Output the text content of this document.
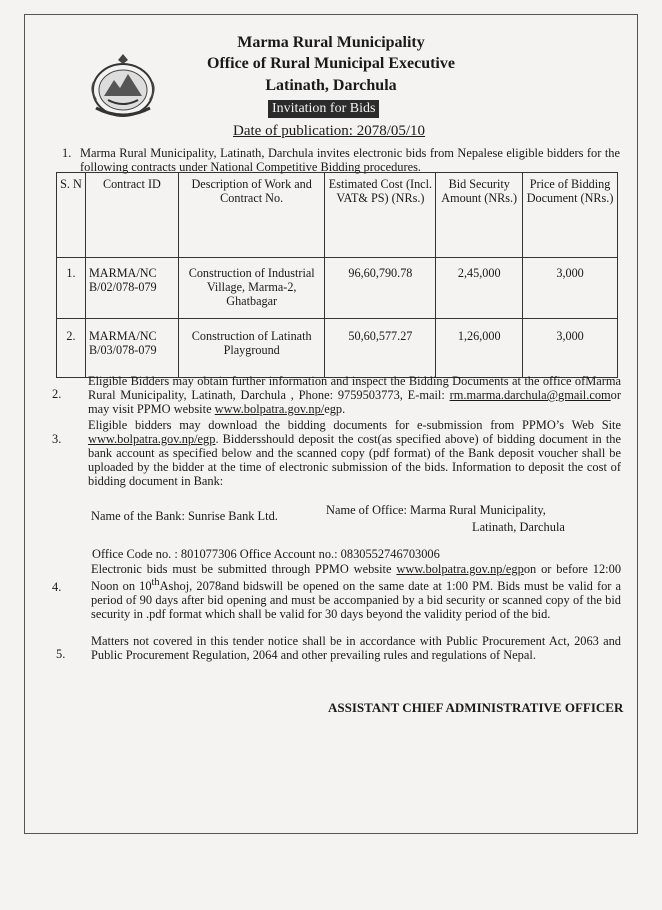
Marma Rural Municipality
Office of Rural Municipal Executive
Latinath, Darchula
Invitation for Bids
Date of publication: 2078/05/10
1. Marma Rural Municipality, Latinath, Darchula invites electronic bids from Nepalese eligible bidders for the following contracts under National Competitive Bidding procedures.
S. N	Contract ID	Description of Work and Contract No.	Estimated Cost (Incl. VAT& PS) (NRs.)	Bid Security Amount (NRs.)	Price of Bidding Document (NRs.)
1.	MARMA/NC B/02/078-079	Construction of Industrial Village, Marma-2, Ghatbagar	96,60,790.78	2,45,000	3,000
2.	MARMA/NC B/03/078-079	Construction of Latinath Playground	50,60,577.27	1,26,000	3,000
2.
Eligible Bidders may obtain further information and inspect the Bidding Documents at the office ofMarma Rural Municipality, Latinath, Darchula , Phone: 9759503773, E-mail: rm.marma.darchula@gmail.comor may visit PPMO website www.bolpatra.gov.np/egp.
3.
Eligible bidders may download the bidding documents for e-submission from PPMO’s Web Site www.bolpatra.gov.np/egp. Biddersshould deposit the cost(as specified above) of bidding document in the bank account as specified below and the scanned copy (pdf format) of the Bank deposit voucher shall be uploaded by the bidder at the time of electronic submission of the bids. Information to deposit the cost of bidding document in Bank:
Name of the Bank: Sunrise Bank Ltd.	Name of Office: Marma Rural Municipality,
Latinath, Darchula
Office Code no. : 801077306 Office Account no.: 0830552746703006
4.
Electronic bids must be submitted through PPMO website www.bolpatra.gov.np/egpon or before 12:00 Noon on 10thAshoj, 2078and bidswill be opened on the same date at 1:00 PM. Bids must be valid for a period of 90 days after bid opening and must be accompanied by a bid security or scanned copy of the bid security in .pdf format which shall be valid for 30 days beyond the validity period of the bid.
5.
Matters not covered in this tender notice shall be in accordance with Public Procurement Act, 2063 and Public Procurement Regulation, 2064 and other prevailing rules and regulations of Nepal.
ASSISTANT CHIEF ADMINISTRATIVE OFFICER
